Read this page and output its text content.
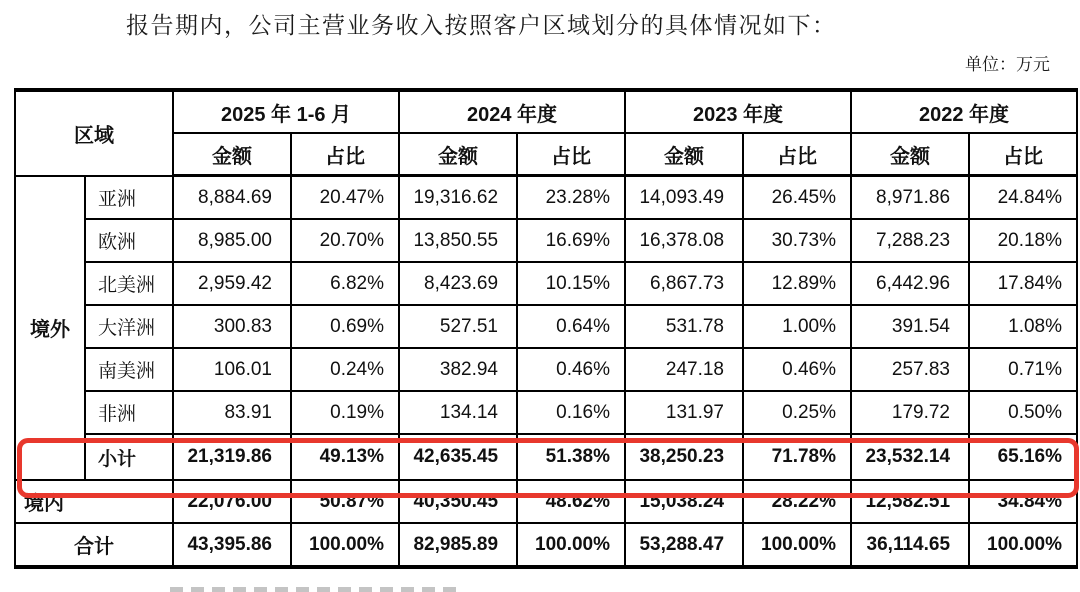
报告期内，公司主营业务收入按照客户区域划分的具体情况如下：
单位：万元
区域		2025 年 1-6 月		2024 年度		2023 年度		2022 年度	
		金额	占比	金额	占比	金额	占比	金额	占比
境外	亚洲	8,884.69	20.47%	19,316.62	23.28%	14,093.49	26.45%	8,971.86	24.84%
	欧洲	8,985.00	20.70%	13,850.55	16.69%	16,378.08	30.73%	7,288.23	20.18%
	北美洲	2,959.42	6.82%	8,423.69	10.15%	6,867.73	12.89%	6,442.96	17.84%
	大洋洲	300.83	0.69%	527.51	0.64%	531.78	1.00%	391.54	1.08%
	南美洲	106.01	0.24%	382.94	0.46%	247.18	0.46%	257.83	0.71%
	非洲	83.91	0.19%	134.14	0.16%	131.97	0.25%	179.72	0.50%
	小计	21,319.86	49.13%	42,635.45	51.38%	38,250.23	71.78%	23,532.14	65.16%
境内		22,076.00	50.87%	40,350.45	48.62%	15,038.24	28.22%	12,582.51	34.84%
合计		43,395.86	100.00%	82,985.89	100.00%	53,288.47	100.00%	36,114.65	100.00%
